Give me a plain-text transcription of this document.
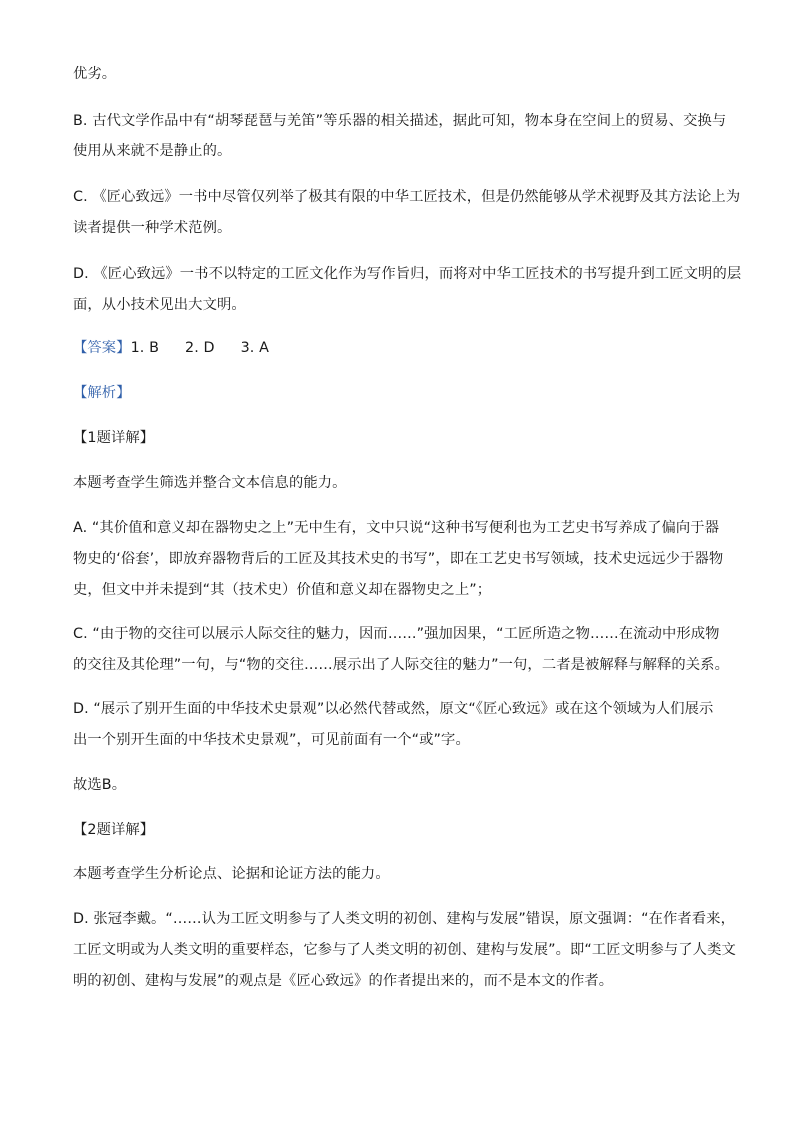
优劣。
B. 古代文学作品中有“胡琴琵琶与羌笛”等乐器的相关描述，据此可知，物本身在空间上的贸易、交换与
使用从来就不是静止的。
C. 《匠心致远》一书中尽管仅列举了极其有限的中华工匠技术，但是仍然能够从学术视野及其方法论上为
读者提供一种学术范例。
D. 《匠心致远》一书不以特定的工匠文化作为写作旨归，而将对中华工匠技术的书写提升到工匠文明的层
面，从小技术见出大文明。
【答案】1. B 2. D 3. A
【解析】
【1题详解】
本题考查学生筛选并整合文本信息的能力。
A. “其价值和意义却在器物史之上”无中生有，文中只说“这种书写便利也为工艺史书写养成了偏向于器
物史的‘俗套’，即放弃器物背后的工匠及其技术史的书写”，即在工艺史书写领域，技术史远远少于器物
史，但文中并未提到“其（技术史）价值和意义却在器物史之上”；
C. “由于物的交往可以展示人际交往的魅力，因而……”强加因果，“工匠所造之物……在流动中形成物
的交往及其伦理”一句，与“物的交往……展示出了人际交往的魅力”一句，二者是被解释与解释的关系。
D. “展示了别开生面的中华技术史景观”以必然代替或然，原文“《匠心致远》或在这个领域为人们展示
出一个别开生面的中华技术史景观”，可见前面有一个“或”字。
故选B。
【2题详解】
本题考查学生分析论点、论据和论证方法的能力。
D. 张冠李戴。“……认为工匠文明参与了人类文明的初创、建构与发展”错误，原文强调：“在作者看来，
工匠文明或为人类文明的重要样态，它参与了人类文明的初创、建构与发展”。即“工匠文明参与了人类文
明的初创、建构与发展”的观点是《匠心致远》的作者提出来的，而不是本文的作者。
